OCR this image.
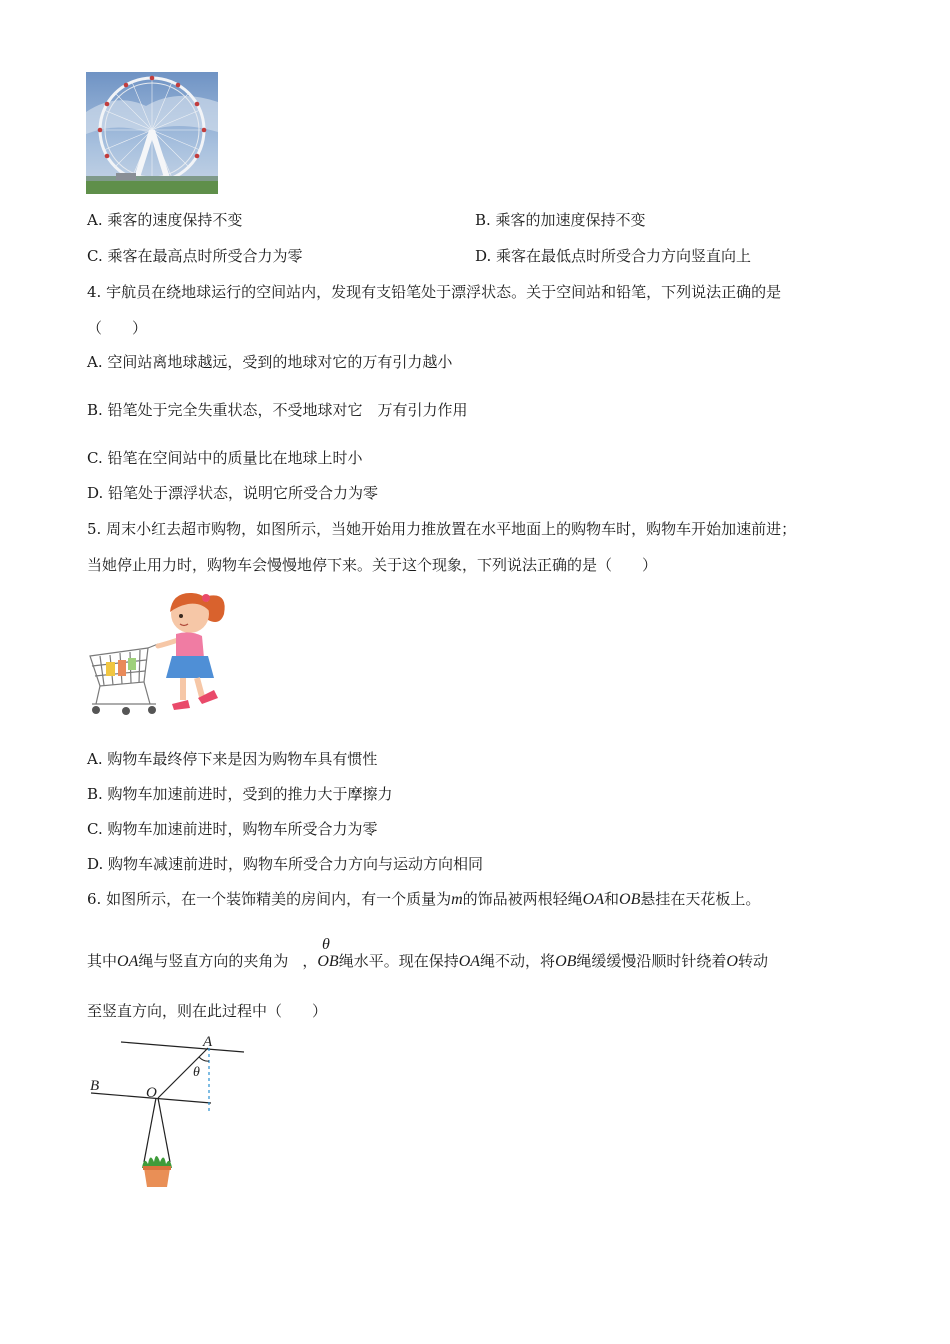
A. 乘客的速度保持不变	B. 乘客的加速度保持不变
C. 乘客在最高点时所受合力为零	D. 乘客在最低点时所受合力方向竖直向上
4. 宇航员在绕地球运行的空间站内，发现有支铅笔处于漂浮状态。关于空间站和铅笔，下列说法正确的是
（　　）
A. 空间站离地球越远，受到的地球对它的万有引力越小
B. 铅笔处于完全失重状态，不受地球对它　万有引力作用
C. 铅笔在空间站中的质量比在地球上时小
D. 铅笔处于漂浮状态，说明它所受合力为零
5. 周末小红去超市购物，如图所示，当她开始用力推放置在水平地面上的购物车时，购物车开始加速前进；
当她停止用力时，购物车会慢慢地停下来。关于这个现象，下列说法正确的是（　　）
A. 购物车最终停下来是因为购物车具有惯性
B. 购物车加速前进时，受到的推力大于摩擦力
C. 购物车加速前进时，购物车所受合力为零
D. 购物车减速前进时，购物车所受合力方向与运动方向相同
6. 如图所示，在一个装饰精美的房间内，有一个质量为m的饰品被两根轻绳OA和OB悬挂在天花板上。
θ
其中OA绳与竖直方向的夹角为 ，OB绳水平。现在保持OA绳不动，将OB绳缓缓慢沿顺时针绕着O转动
至竖直方向，则在此过程中（　　）
A
B	O
θ
